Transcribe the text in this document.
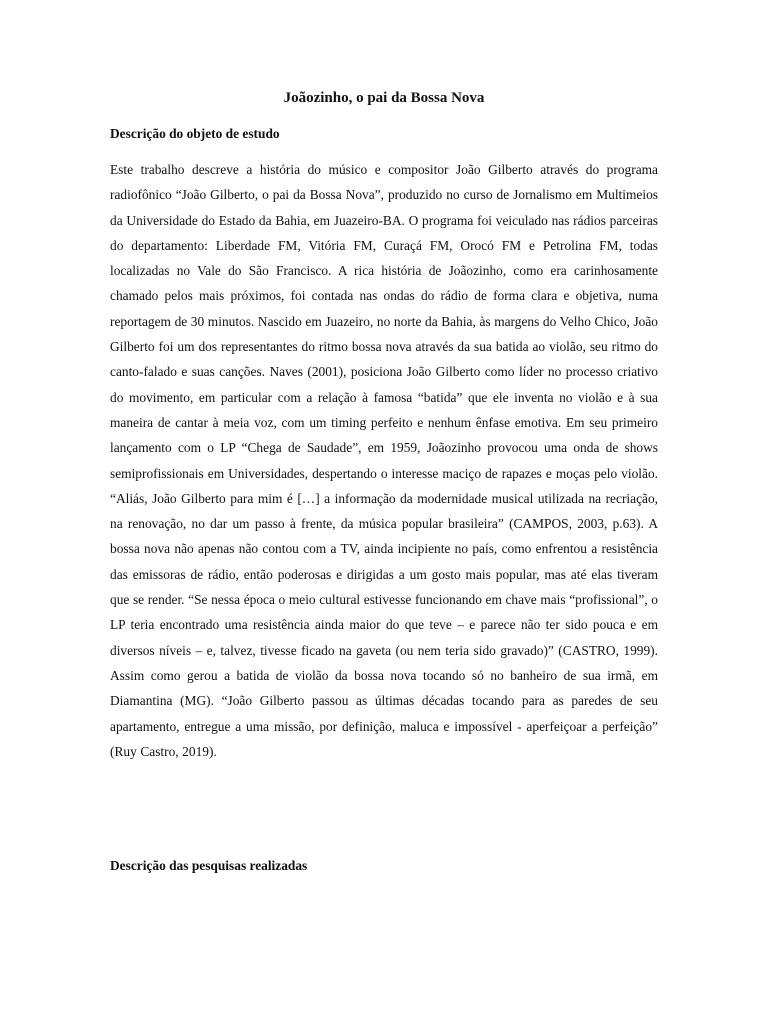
Joãozinho, o pai da Bossa Nova
Descrição do objeto de estudo

Este trabalho descreve a história do músico e compositor João Gilberto através do programa radiofônico “João Gilberto, o pai da Bossa Nova”, produzido no curso de Jornalismo em Multimeios da Universidade do Estado da Bahia, em Juazeiro-BA. O programa foi veiculado nas rádios parceiras do departamento: Liberdade FM, Vitória FM, Curaçá FM, Orocó FM e Petrolina FM, todas localizadas no Vale do São Francisco. A rica história de Joãozinho, como era carinhosamente chamado pelos mais próximos, foi contada nas ondas do rádio de forma clara e objetiva, numa reportagem de 30 minutos. Nascido em Juazeiro, no norte da Bahia, às margens do Velho Chico, João Gilberto foi um dos representantes do ritmo bossa nova através da sua batida ao violão, seu ritmo do canto-falado e suas canções. Naves (2001), posiciona João Gilberto como líder no processo criativo do movimento, em particular com a relação à famosa “batida” que ele inventa no violão e à sua maneira de cantar à meia voz, com um timing perfeito e nenhum ênfase emotiva. Em seu primeiro lançamento com o LP “Chega de Saudade”, em 1959, Joãozinho provocou uma onda de shows semiprofissionais em Universidades, despertando o interesse maciço de rapazes e moças pelo violão. “Aliás, João Gilberto para mim é […] a informação da modernidade musical utilizada na recriação, na renovação, no dar um passo à frente, da música popular brasileira” (CAMPOS, 2003, p.63). A bossa nova não apenas não contou com a TV, ainda incipiente no país, como enfrentou a resistência das emissoras de rádio, então poderosas e dirigidas a um gosto mais popular, mas até elas tiveram que se render. “Se nessa época o meio cultural estivesse funcionando em chave mais “profissional”, o LP teria encontrado uma resistência ainda maior do que teve – e parece não ter sido pouca e em diversos níveis – e, talvez, tivesse ficado na gaveta (ou nem teria sido gravado)” (CASTRO, 1999). Assim como gerou a batida de violão da bossa nova tocando só no banheiro de sua irmã, em Diamantina (MG). “João Gilberto passou as últimas décadas tocando para as paredes de seu apartamento, entregue a uma missão, por definição, maluca e impossível - aperfeiçoar a perfeição” (Ruy Castro, 2019).

Descrição das pesquisas realizadas
